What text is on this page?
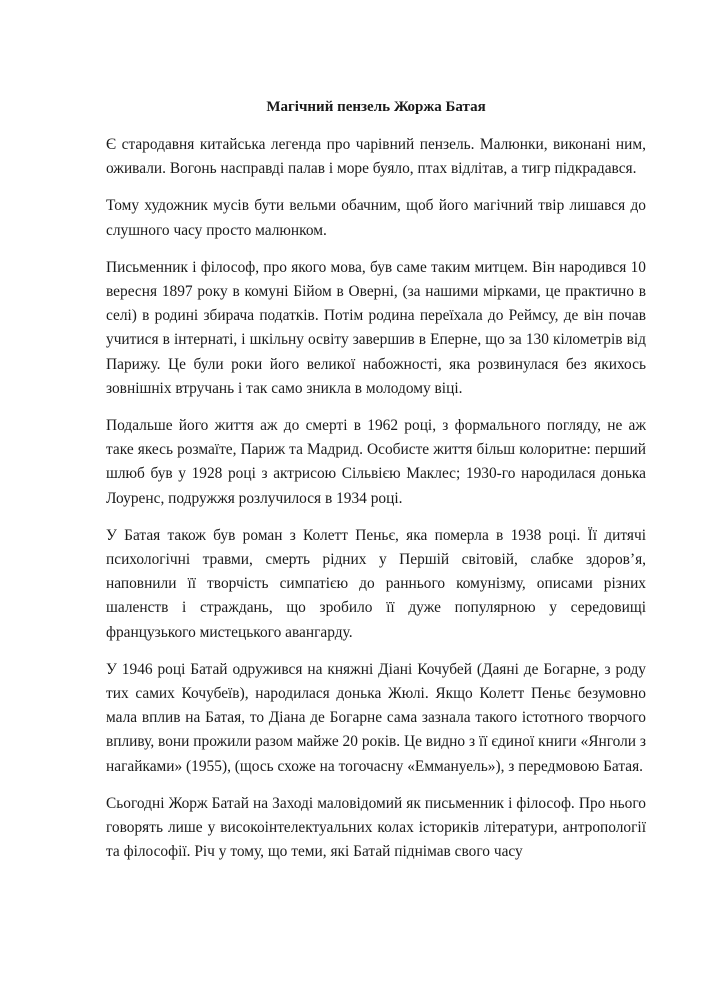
Магічний пензель Жоржа Батая

Є стародавня китайська легенда про чарівний пензель. Малюнки, виконані ним, оживали. Вогонь насправді палав і море буяло, птах відлітав, а тигр підкрадався.

Тому художник мусів бути вельми обачним, щоб його магічний твір лишався до слушного часу просто малюнком.

Письменник і філософ, про якого мова, був саме таким митцем. Він народився 10 вересня 1897 року в комуні Бійом в Оверні, (за нашими мірками, це практично в селі) в родині збирача податків. Потім родина переїхала до Реймсу, де він почав учитися в інтернаті, і шкільну освіту завершив в Еперне, що за 130 кілометрів від Парижу. Це були роки його великої набожності, яка розвинулася без якихось зовнішніх втручань і так само зникла в молодому віці.

Подальше його життя аж до смерті в 1962 році, з формального погляду, не аж таке якесь розмаїте, Париж та Мадрид. Особисте життя більш колоритне: перший шлюб був у 1928 році з актрисою Сільвією Маклес; 1930-го народилася донька Лоуренс, подружжя розлучилося в 1934 році.

У Батая також був роман з Колетт Пеньє, яка померла в 1938 році. Її дитячі психологічні травми, смерть рідних у Першій світовій, слабке здоров’я, наповнили її творчість симпатією до раннього комунізму, описами різних шаленств і страждань, що зробило її дуже популярною у середовищі французького мистецького авангарду.

У 1946 році Батай одружився на княжні Діані Кочубей (Даяні де Богарне, з роду тих самих Кочубеїв), народилася донька Жюлі. Якщо Колетт Пеньє безумовно мала вплив на Батая, то Діана де Богарне сама зазнала такого істотного творчого впливу, вони прожили разом майже 20 років. Це видно з її єдиної книги «Янголи з нагайками» (1955), (щось схоже на тогочасну «Еммануель»), з передмовою Батая.

Сьогодні Жорж Батай на Заході маловідомий як письменник і філософ. Про нього говорять лише у високоінтелектуальних колах істориків літератури, антропології та філософії. Річ у тому, що теми, які Батай піднімав свого часу
